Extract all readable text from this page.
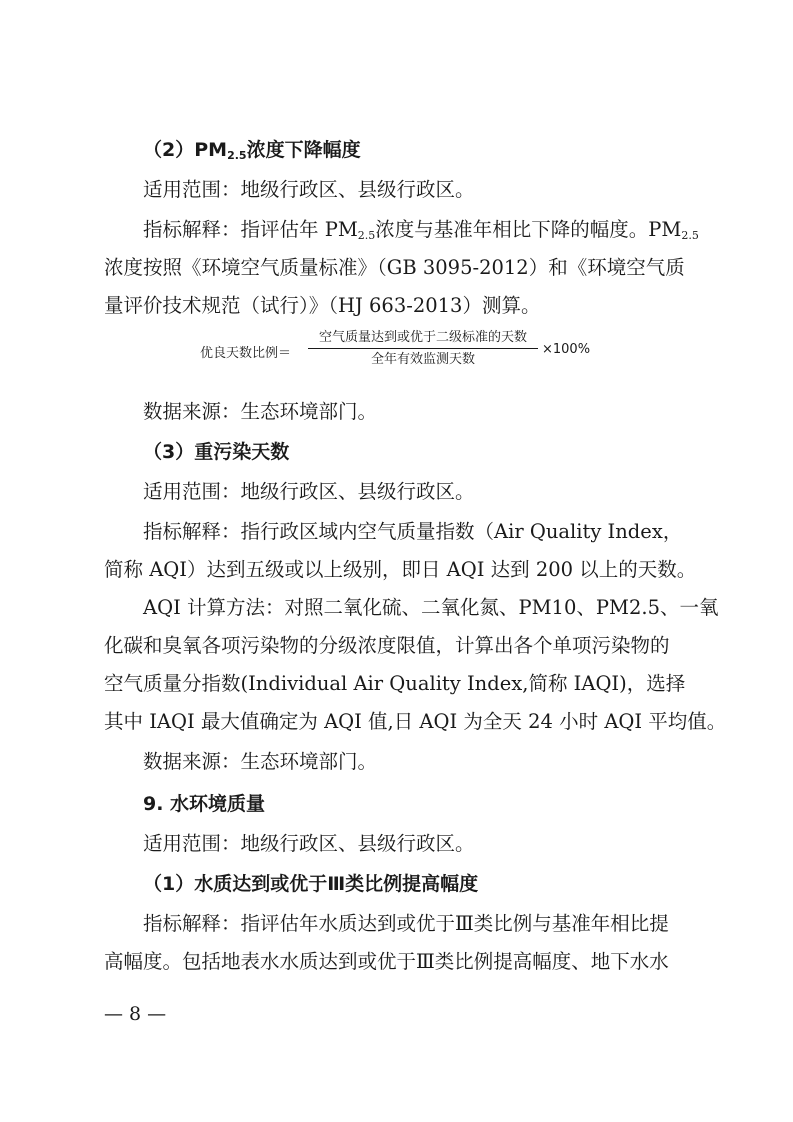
$(2)PM_{2.5}$浓度下降幅度
适用范围：地级行政区、县级行政区。
指标解释：指评估年 $PM_{2.5}$浓度与基准年相比下降的幅度。$PM_{2.5}$
浓度按照《环境空气质量标准》（GB 3095-2012）和《环境空气质
量评价技术规范（试行）》（HJ 663-2013）测算。
优良天数比例＝
空气质量达到或优于二级标准的天数
全年有效监测天数
×100%
数据来源：生态环境部门。
（3）重污染天数
适用范围：地级行政区、县级行政区。
指标解释：指行政区域内空气质量指数（Air Quality Index，
简称 AQI）达到五级或以上级别，即日 AQI 达到 200 以上的天数。
AQI 计算方法：对照二氧化硫、二氧化氮、PM10、PM2.5、一氧
化碳和臭氧各项污染物的分级浓度限值，计算出各个单项污染物的
空气质量分指数(Individual Air Quality Index,简称 IAQI)，选择
其中 IAQI 最大值确定为 AQI 值,日 AQI 为全天 24 小时 AQI 平均值。
数据来源：生态环境部门。
9. 水环境质量
适用范围：地级行政区、县级行政区。
（1）水质达到或优于Ⅲ类比例提高幅度
指标解释：指评估年水质达到或优于Ⅲ类比例与基准年相比提
高幅度。包括地表水水质达到或优于Ⅲ类比例提高幅度、地下水水
— 8 —
